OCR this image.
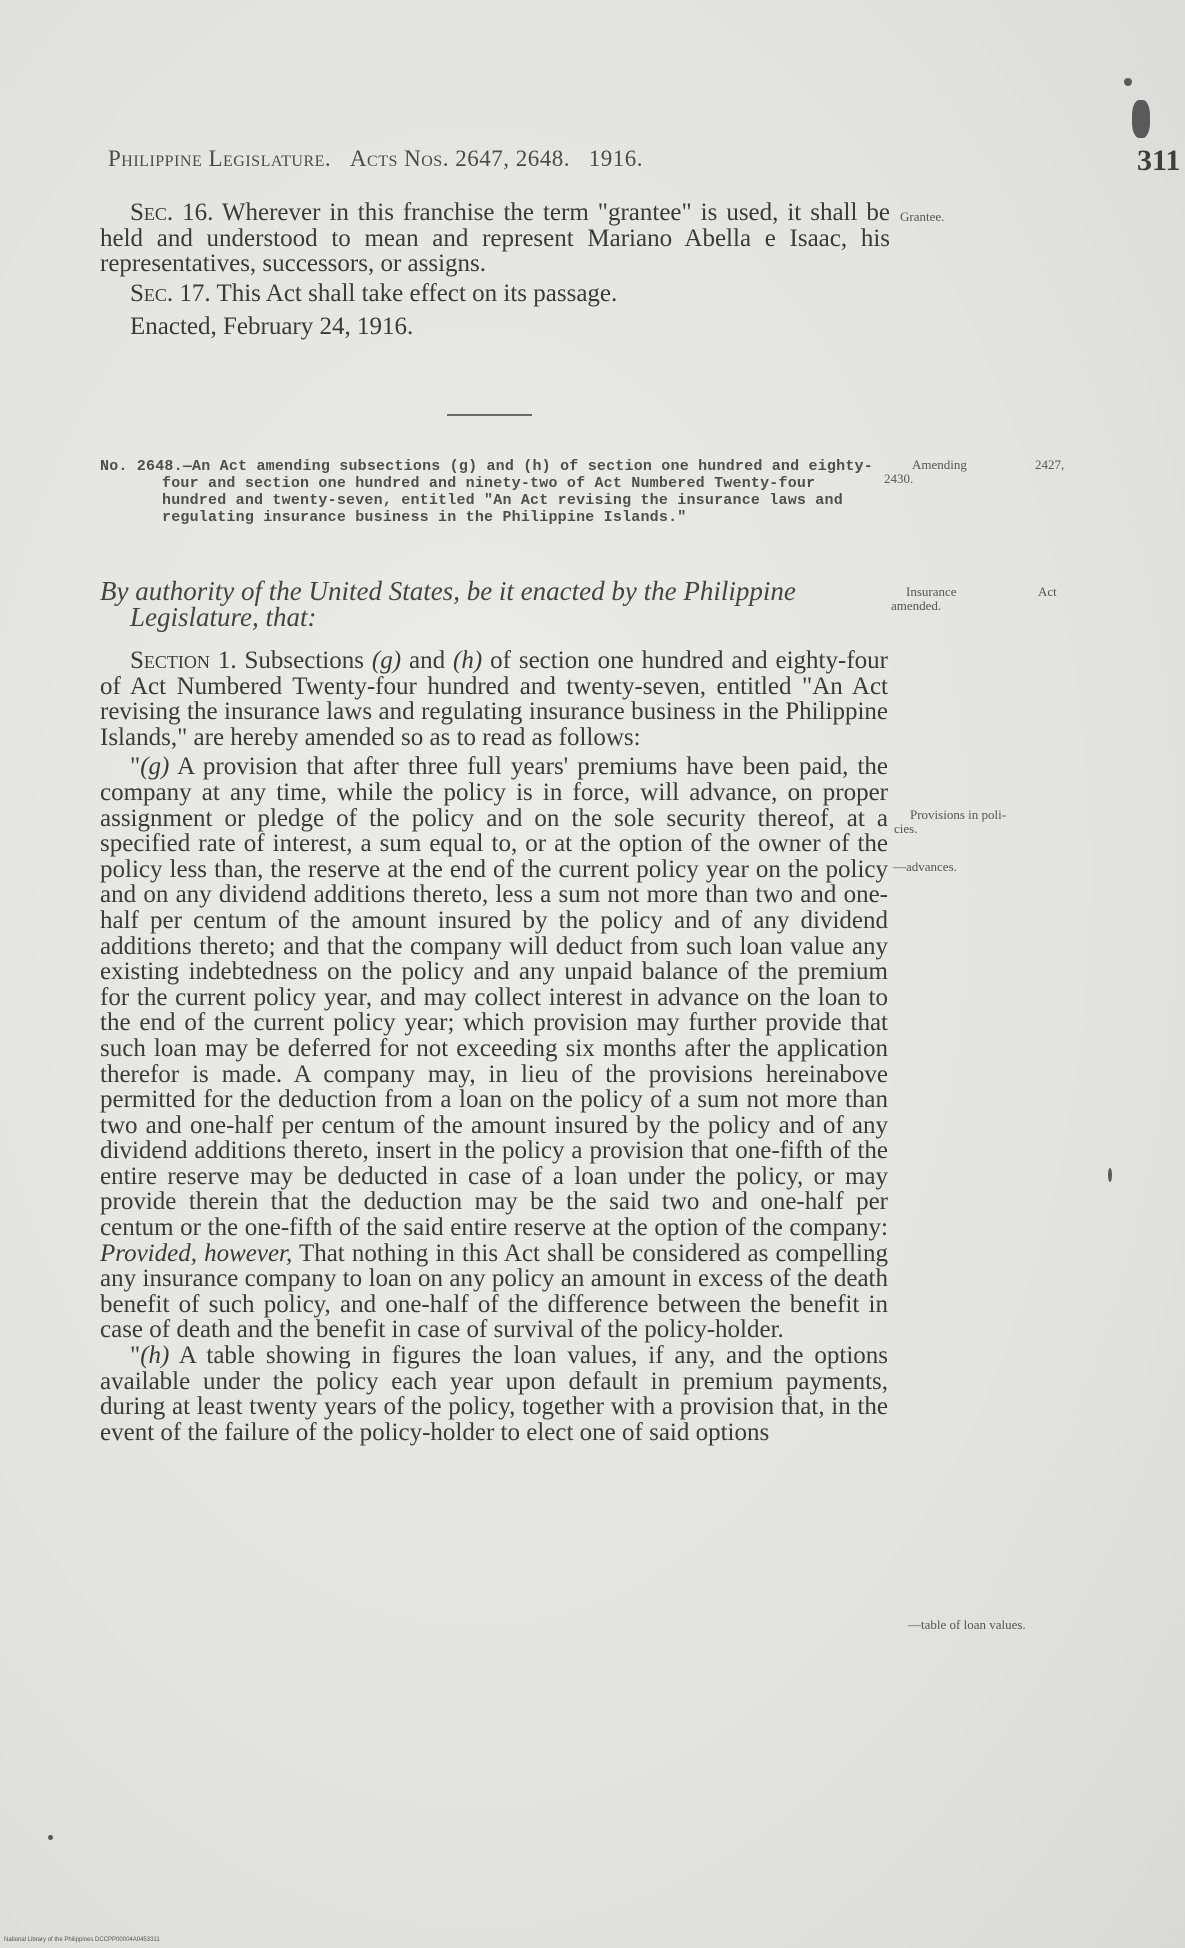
Philippine Legislature. Acts Nos. 2647, 2648. 1916.	311

Sec. 16. Wherever in this franchise the term "grantee" is used, it shall be held and understood to mean and represent Mariano Abella e Isaac, his representatives, successors, or assigns.

Sec. 17. This Act shall take effect on its passage.

Enacted, February 24, 1916.

No. 2648.—An Act amending subsections (g) and (h) of section one hundred and eighty-four and section one hundred and ninety-two of Act Numbered Twenty-four hundred and twenty-seven, entitled "An Act revising the insurance laws and regulating insurance business in the Philippine Islands."
By authority of the United States, be it enacted by the Philippine Legislature, that:

Section 1. Subsections (g) and (h) of section one hundred and eighty-four of Act Numbered Twenty-four hundred and twenty-seven, entitled "An Act revising the insurance laws and regulating insurance business in the Philippine Islands," are hereby amended so as to read as follows:

"(g) A provision that after three full years' premiums have been paid, the company at any time, while the policy is in force, will advance, on proper assignment or pledge of the policy and on the sole security thereof, at a specified rate of interest, a sum equal to, or at the option of the owner of the policy less than, the reserve at the end of the current policy year on the policy and on any dividend additions thereto, less a sum not more than two and one-half per centum of the amount insured by the policy and of any dividend additions thereto; and that the company will deduct from such loan value any existing indebtedness on the policy and any unpaid balance of the premium for the current policy year, and may collect interest in advance on the loan to the end of the current policy year; which provision may further provide that such loan may be deferred for not exceeding six months after the application therefor is made. A company may, in lieu of the provisions hereinabove permitted for the deduction from a loan on the policy of a sum not more than two and one-half per centum of the amount insured by the policy and of any dividend additions thereto, insert in the policy a provision that one-fifth of the entire reserve may be deducted in case of a loan under the policy, or may provide therein that the deduction may be the said two and one-half per centum or the one-fifth of the said entire reserve at the option of the company: Provided, however, That nothing in this Act shall be considered as compelling any insurance company to loan on any policy an amount in excess of the death benefit of such policy, and one-half of the difference between the benefit in case of death and the benefit in case of survival of the policy-holder.

"(h) A table showing in figures the loan values, if any, and the options available under the policy each year upon default in premium payments, during at least twenty years of the policy, together with a provision that, in the event of the failure of the policy-holder to elect one of said options

Grantee.
Amending	2427,
2430.
Insurance	Act
amended.
Provisions in poli-
cies.
—advances.
—table of loan values.
National Library of the Philippines DCCPP00004A0453311
